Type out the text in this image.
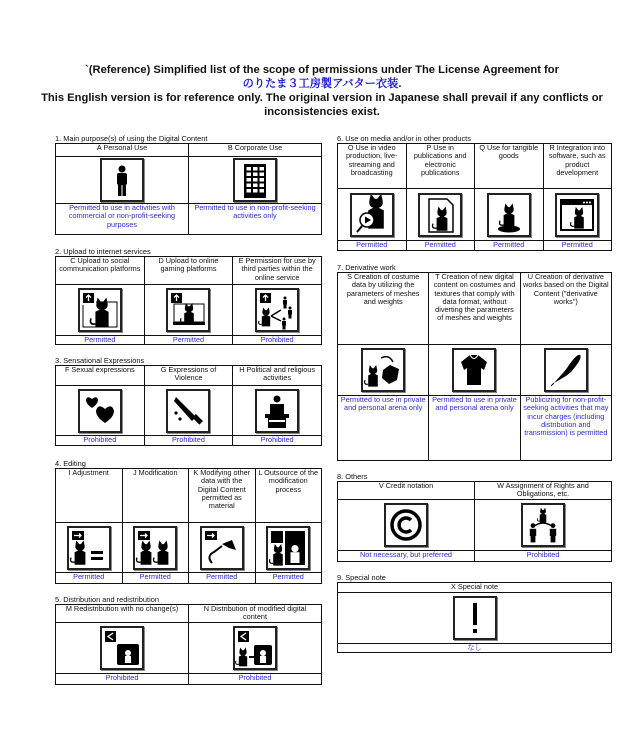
`(Reference) Simplified list of the scope of permissions under The License Agreement for
のりたま３工房製アバター衣装.
This English version is for reference only. The original version in Japanese shall prevail if any conflicts or
inconsistencies exist.
1. Main purpose(s) of using the Digital Content
A Personal Use	B Corporate Use

Permitted to use in activities with commercial or non-profit-seeking purposes	Permitted to use in non-profit-seeking activities only
2. Upload to internet services
C Upload to social communication platforms	D Upload to online gaming platforms	E Permission for use by third parties within the online service

Permitted	Permitted	Prohibited
3. Sensational Expressions
F Sexual expressions	G Expressions of Violence	H Political and religious activities

Prohibited	Prohibited	Prohibited
4. Editing
I Adjustment	J Modification	K Modifying other data with the Digital Content permitted as material	L Outsource of the modification process

Permitted	Permitted	Permitted	Permitted
5. Distribution and redistribution
M Redistribution with no change(s)	N Distribution of modified digital content

Prohibited	Prohibited
6. Use on media and/or in other products
O Use in video production, live-streaming and broadcasting	P Use in publications and electronic publications	Q Use for tangible goods	R Integration into software, such as product development

Permitted	Permitted	Permitted	Permitted
7. Derivative work
S Creation of costume data by utilizing the parameters of meshes and weights	T Creation of new digital content on costumes and textures that comply with data format, without diverting the parameters of meshes and weights	U Creation of derivative works based on the Digital Content ("derivative works")

Permitted to use in private and personal arena only	Permitted to use in private and personal arena only	Publicizing for non-profit-seeking activities that may incur charges (including distribution and transmission) is permitted
8. Others
V Credit notation	W Assignment of Rights and Obligations, etc.

Not necessary, but preferred	Prohibited
9. Special note
X Special note

なし
